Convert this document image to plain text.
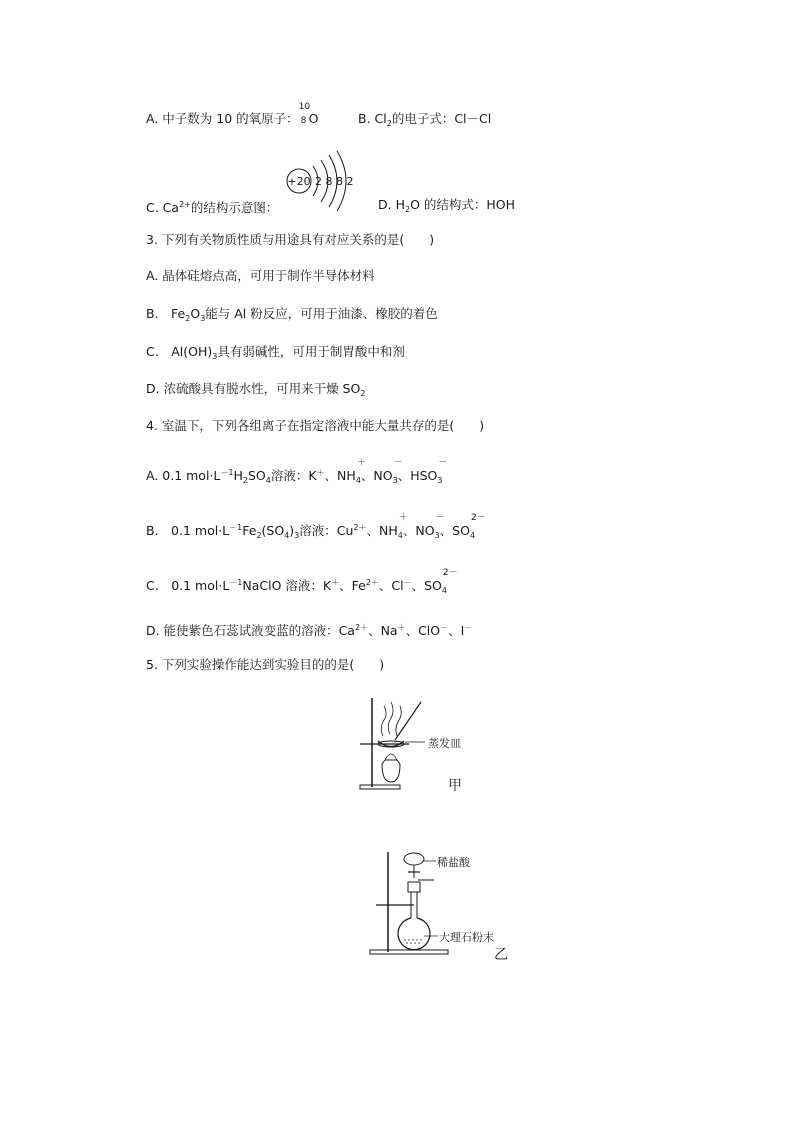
A. 中子数为 10 的氧原子：
10
8 O	B. $Cl_2$的电子式：Cl－Cl
+20 2 8 8 2
C. $Ca^{2+}$的结构示意图：	D. $H_2O$ 的结构式：HOH
3. 下列有关物质性质与用途具有对应关系的是(　　)
A. 晶体硅熔点高，可用于制作半导体材料
B.　$Fe_2O_3$能与 Al 粉反应，可用于油漆、橡胶的着色
C.　$Al(OH)_3$具有弱碱性，可用于制胃酸中和剂
D. 浓硫酸具有脱水性，可用来干燥 $SO_2$
4. 室温下，下列各组离子在指定溶液中能大量共存的是(　　)
A. 0.1 $mol\cdot L^{-1}H_2SO_4$溶液：K＋、NH
＋
$_4$、NO
－
$_3$、HSO
－
$_3$
B.　0.1 $mol\cdot L^{-1}Fe_2(SO_4)_3$溶液：$Cu^{2+}$、NH
＋
$_4$、NO
－
$_3$、SO
2－
$_4$
C.　0.1 $mol\cdot L^{-1}NaClO$ 溶液：K＋、$Fe^{2+}$、Cl－、SO
2－
$_4$
D. 能使紫色石蕊试液变蓝的溶液：$Ca^{2+}$、Na＋、ClO－、I－
5. 下列实验操作能达到实验目的的是(　　)
蒸发皿
甲
稀盐酸
大理石粉末
乙
